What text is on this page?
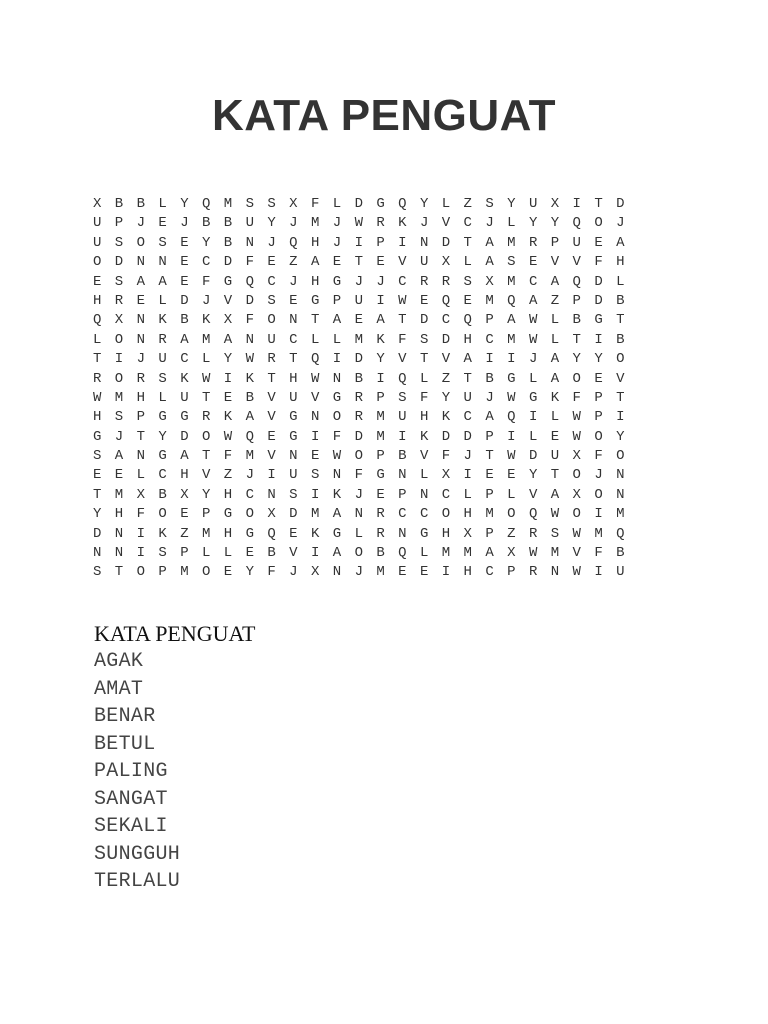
KATA PENGUAT
X B B L Y Q M S S X F L D G Q Y L Z S Y U X I T D
U P J E J B B U Y J M J W R K J V C J L Y Y Q O J
U S O S E Y B N J Q H J I P I N D T A M R P U E A
O D N N E C D F E Z A E T E V U X L A S E V V F H
E S A A E F G Q C J H G J J C R R S X M C A Q D L
H R E L D J V D S E G P U I W E Q E M Q A Z P D B
Q X N K B K X F O N T A E A T D C Q P A W L B G T
L O N R A M A N U C L L M K F S D H C M W L T I B
T I J U C L Y W R T Q I D Y V T V A I I J A Y Y O
R O R S K W I K T H W N B I Q L Z T B G L A O E V
W M H L U T E B V U V G R P S F Y U J W G K F P T
H S P G G R K A V G N O R M U H K C A Q I L W P I
G J T Y D O W Q E G I F D M I K D D P I L E W O Y
S A N G A T F M V N E W O P B V F J T W D U X F O
E E L C H V Z J I U S N F G N L X I E E Y T O J N
T M X B X Y H C N S I K J E P N C L P L V A X O N
Y H F O E P G O X D M A N R C C O H M O Q W O I M
D N I K Z M H G Q E K G L R N G H X P Z R S W M Q
N N I S P L L E B V I A O B Q L M M A X W M V F B
S T O P M O E Y F J X N J M E E I H C P R N W I U
KATA PENGUAT
AGAK
AMAT
BENAR
BETUL
PALING
SANGAT
SEKALI
SUNGGUH
TERLALU
